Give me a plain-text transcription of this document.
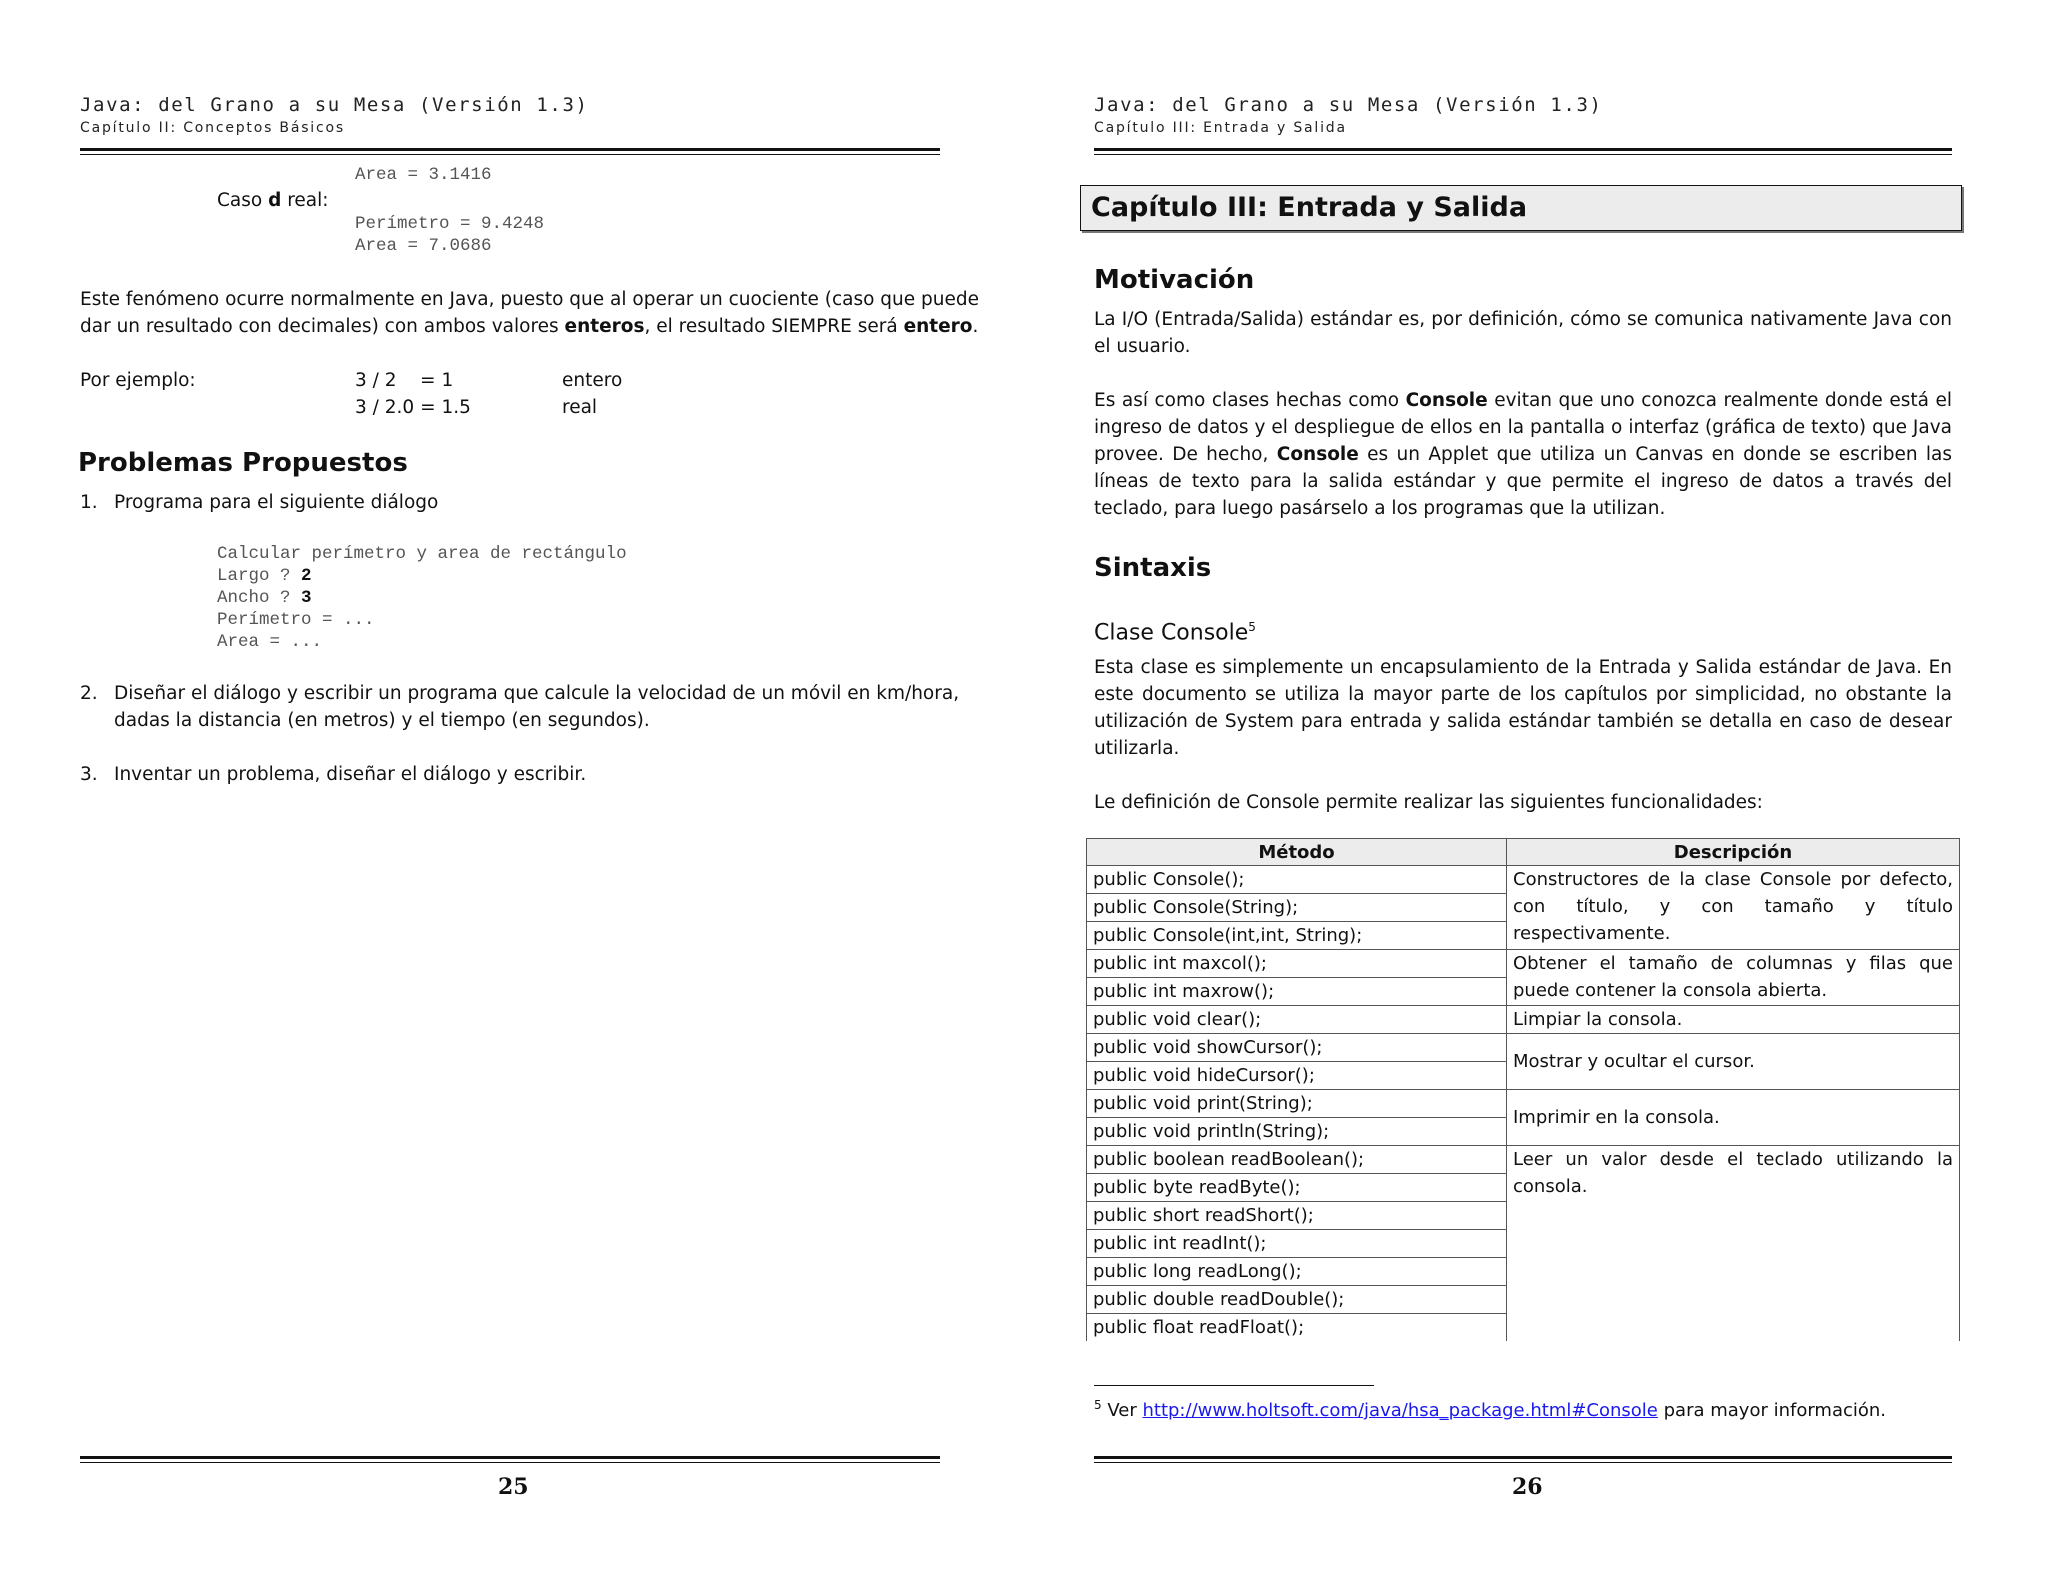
Java: del Grano a su Mesa (Versión 1.3)
Capítulo II: Conceptos Básicos
Area = 3.1416
Caso d real:
Perímetro = 9.4248
Area = 7.0686
Este fenómeno ocurre normalmente en Java, puesto que al operar un cuociente (caso que puede
dar un resultado con decimales) con ambos valores enteros, el resultado SIEMPRE será entero.
Por ejemplo:	3 / 2    = 1	entero
3 / 2.0 = 1.5	real
Problemas Propuestos
1. Programa para el siguiente diálogo
Calcular perímetro y area de rectángulo
Largo ? 2
Ancho ? 3
Perímetro = ...
Area = ...
2. Diseñar el diálogo y escribir un programa que calcule la velocidad de un móvil en km/hora,
dadas la distancia (en metros) y el tiempo (en segundos).
3. Inventar un problema, diseñar el diálogo y escribir.
25
Java: del Grano a su Mesa (Versión 1.3)
Capítulo III: Entrada y Salida
Capítulo III: Entrada y Salida
Motivación
La I/O (Entrada/Salida) estándar es, por definición, cómo se comunica nativamente Java con el usuario.
Es así como clases hechas como Console evitan que uno conozca realmente donde está el ingreso de datos y el despliegue de ellos en la pantalla o interfaz (gráfica de texto) que Java provee. De hecho, Console es un Applet que utiliza un Canvas en donde se escriben las líneas de texto para la salida estándar y que permite el ingreso de datos a través del teclado, para luego pasárselo a los programas que la utilizan.
Sintaxis
Clase Console$^5$
Esta clase es simplemente un encapsulamiento de la Entrada y Salida estándar de Java. En este documento se utiliza la mayor parte de los capítulos por simplicidad, no obstante la utilización de System para entrada y salida estándar también se detalla en caso de desear utilizarla.
Le definición de Console permite realizar las siguientes funcionalidades:
Método	Descripción
public Console();	Constructores de la clase Console por defecto, con título, y con tamaño y título respectivamente.
public Console(String);	
public Console(int,int, String);	
public int maxcol();	Obtener el tamaño de columnas y filas que puede contener la consola abierta.
public int maxrow();	
public void clear();	Limpiar la consola.
public void showCursor();	Mostrar y ocultar el cursor.
public void hideCursor();	
public void print(String);	Imprimir en la consola.
public void println(String);	
public boolean readBoolean();	Leer un valor desde el teclado utilizando la consola.
public byte readByte();	
public short readShort();	
public int readInt();	
public long readLong();	
public double readDouble();	
public float readFloat();	
$^5$ Ver http://www.holtsoft.com/java/hsa_package.html#Console para mayor información.
26
